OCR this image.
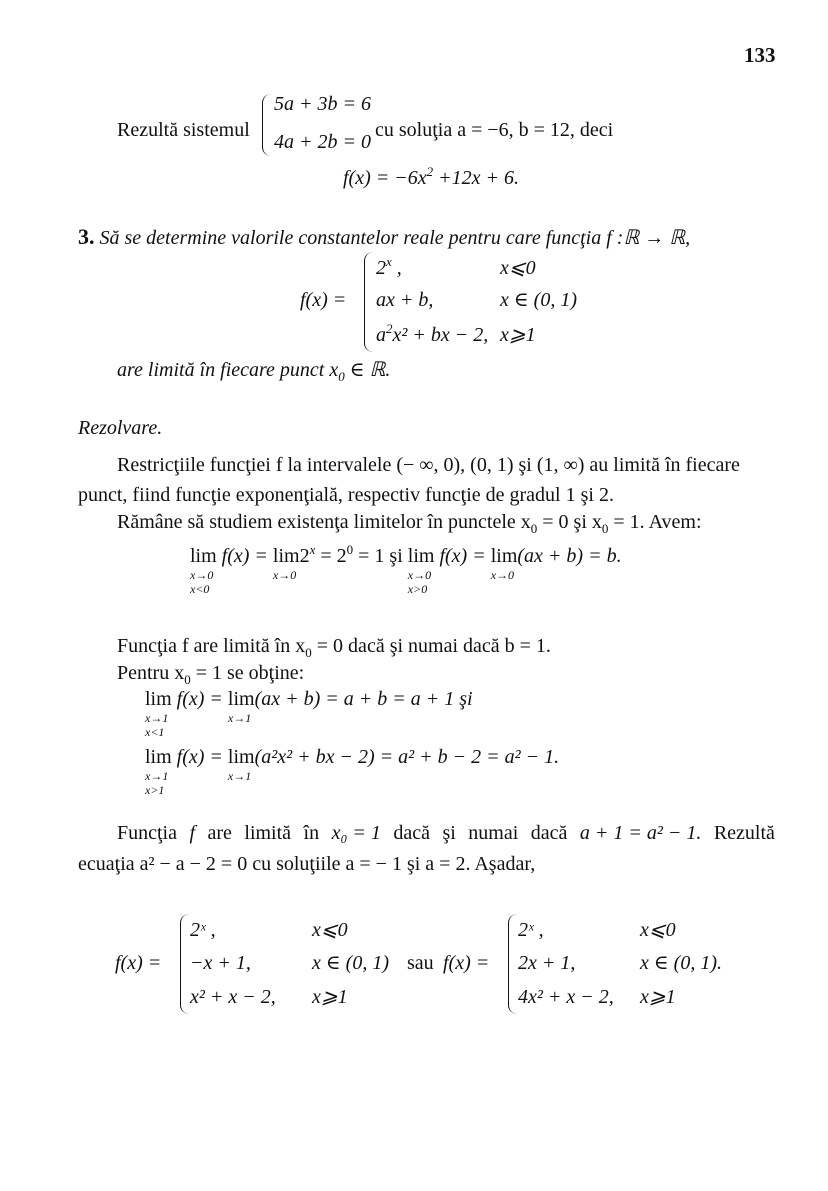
133
Rezultă sistemul
5a + 3b = 6
4a + 2b = 0
cu soluţia a = −6, b = 12, deci
$f(x) = -6x^2 +12x + 6$.
3. Să se determine valorile constantelor reale pentru care funcţia f :ℝ → ℝ,
f(x) =
$2^x$ ,	x⩽0
ax + b,	x ∈ (0, 1)
$a^2x^2$ + bx − 2, x⩾1
are limită în fiecare punct $x_0$ ∈ ℝ.
Rezolvare.
Restricţiile funcţiei f la intervalele (− ∞, 0), (0, 1) şi (1, ∞) au limită în fiecare
punct, fiind funcţie exponenţială, respectiv funcţie de gradul 1 şi 2.
Rămâne să studiem existenţa limitelor în punctele $x_0 = 0$ şi $x_0 = 1$. Avem:
lim
x→0
x<0
f(x) = lim
x→0
$2^x = 2^0 = 1$ şi lim
x→0
x>0
f(x) = lim
x→0
(ax + b) = b.
Funcţia f are limită în $x_0 = 0$ dacă şi numai dacă b = 1.
Pentru $x_0 = 1$ se obţine:
lim
x→1
x<1
f(x) = lim
x→1
(ax + b) = a + b = a + 1 şi
lim
x→1
x>1
f(x) = lim
x→1
(a²x² + bx − 2) = a² + b − 2 = a² − 1.
Funcţia f are limită în x₀ = 1 dacă şi numai dacă a + 1 = a² − 1. Rezultă
ecuaţia a² − a − 2 = 0 cu soluţiile a = − 1 şi a = 2. Aşadar,
f(x) =	sau f(x) =
2ˣ ,	x⩽0
−x + 1,	x ∈ (0, 1)
x² + x − 2, x⩾1
2ˣ ,	x⩽0
2x + 1,	x ∈ (0, 1).
4x² + x − 2, x⩾1
